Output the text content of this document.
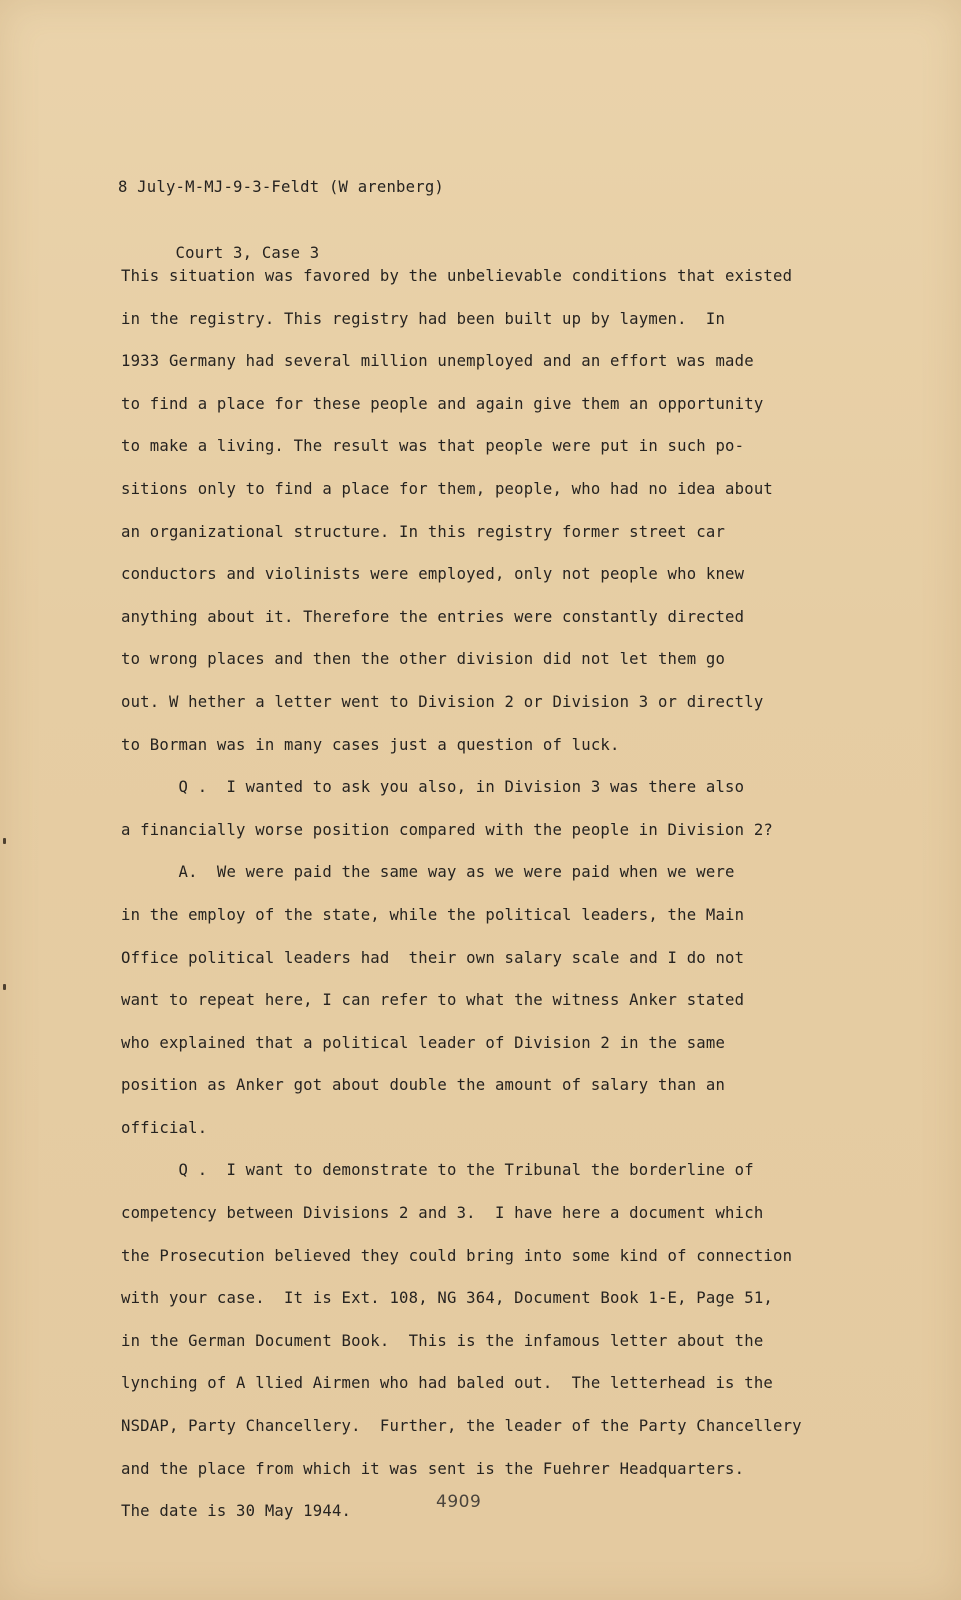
8 July-M-MJ-9-3-Feldt (W arenberg)

Court 3, Case 3

This situation was favored by the unbelievable conditions that existed
in the registry. This registry had been built up by laymen.  In
1933 Germany had several million unemployed and an effort was made
to find a place for these people and again give them an opportunity
to make a living. The result was that people were put in such po-
sitions only to find a place for them, people, who had no idea about
an organizational structure. In this registry former street car
conductors and violinists were employed, only not people who knew
anything about it. Therefore the entries were constantly directed
to wrong places and then the other division did not let them go
out. W hether a letter went to Division 2 or Division 3 or directly
to Borman was in many cases just a question of luck.
Q .  I wanted to ask you also, in Division 3 was there also
a financially worse position compared with the people in Division 2?
A.  We were paid the same way as we were paid when we were
in the employ of the state, while the political leaders, the Main
Office political leaders had  their own salary scale and I do not
want to repeat here, I can refer to what the witness Anker stated
who explained that a political leader of Division 2 in the same
position as Anker got about double the amount of salary than an
official.
Q .  I want to demonstrate to the Tribunal the borderline of
competency between Divisions 2 and 3.  I have here a document which
the Prosecution believed they could bring into some kind of connection
with your case.  It is Ext. 108, NG 364, Document Book 1-E, Page 51,
in the German Document Book.  This is the infamous letter about the
lynching of A llied Airmen who had baled out.  The letterhead is the
NSDAP, Party Chancellery.  Further, the leader of the Party Chancellery
and the place from which it was sent is the Fuehrer Headquarters.
The date is 30 May 1944.	4909
